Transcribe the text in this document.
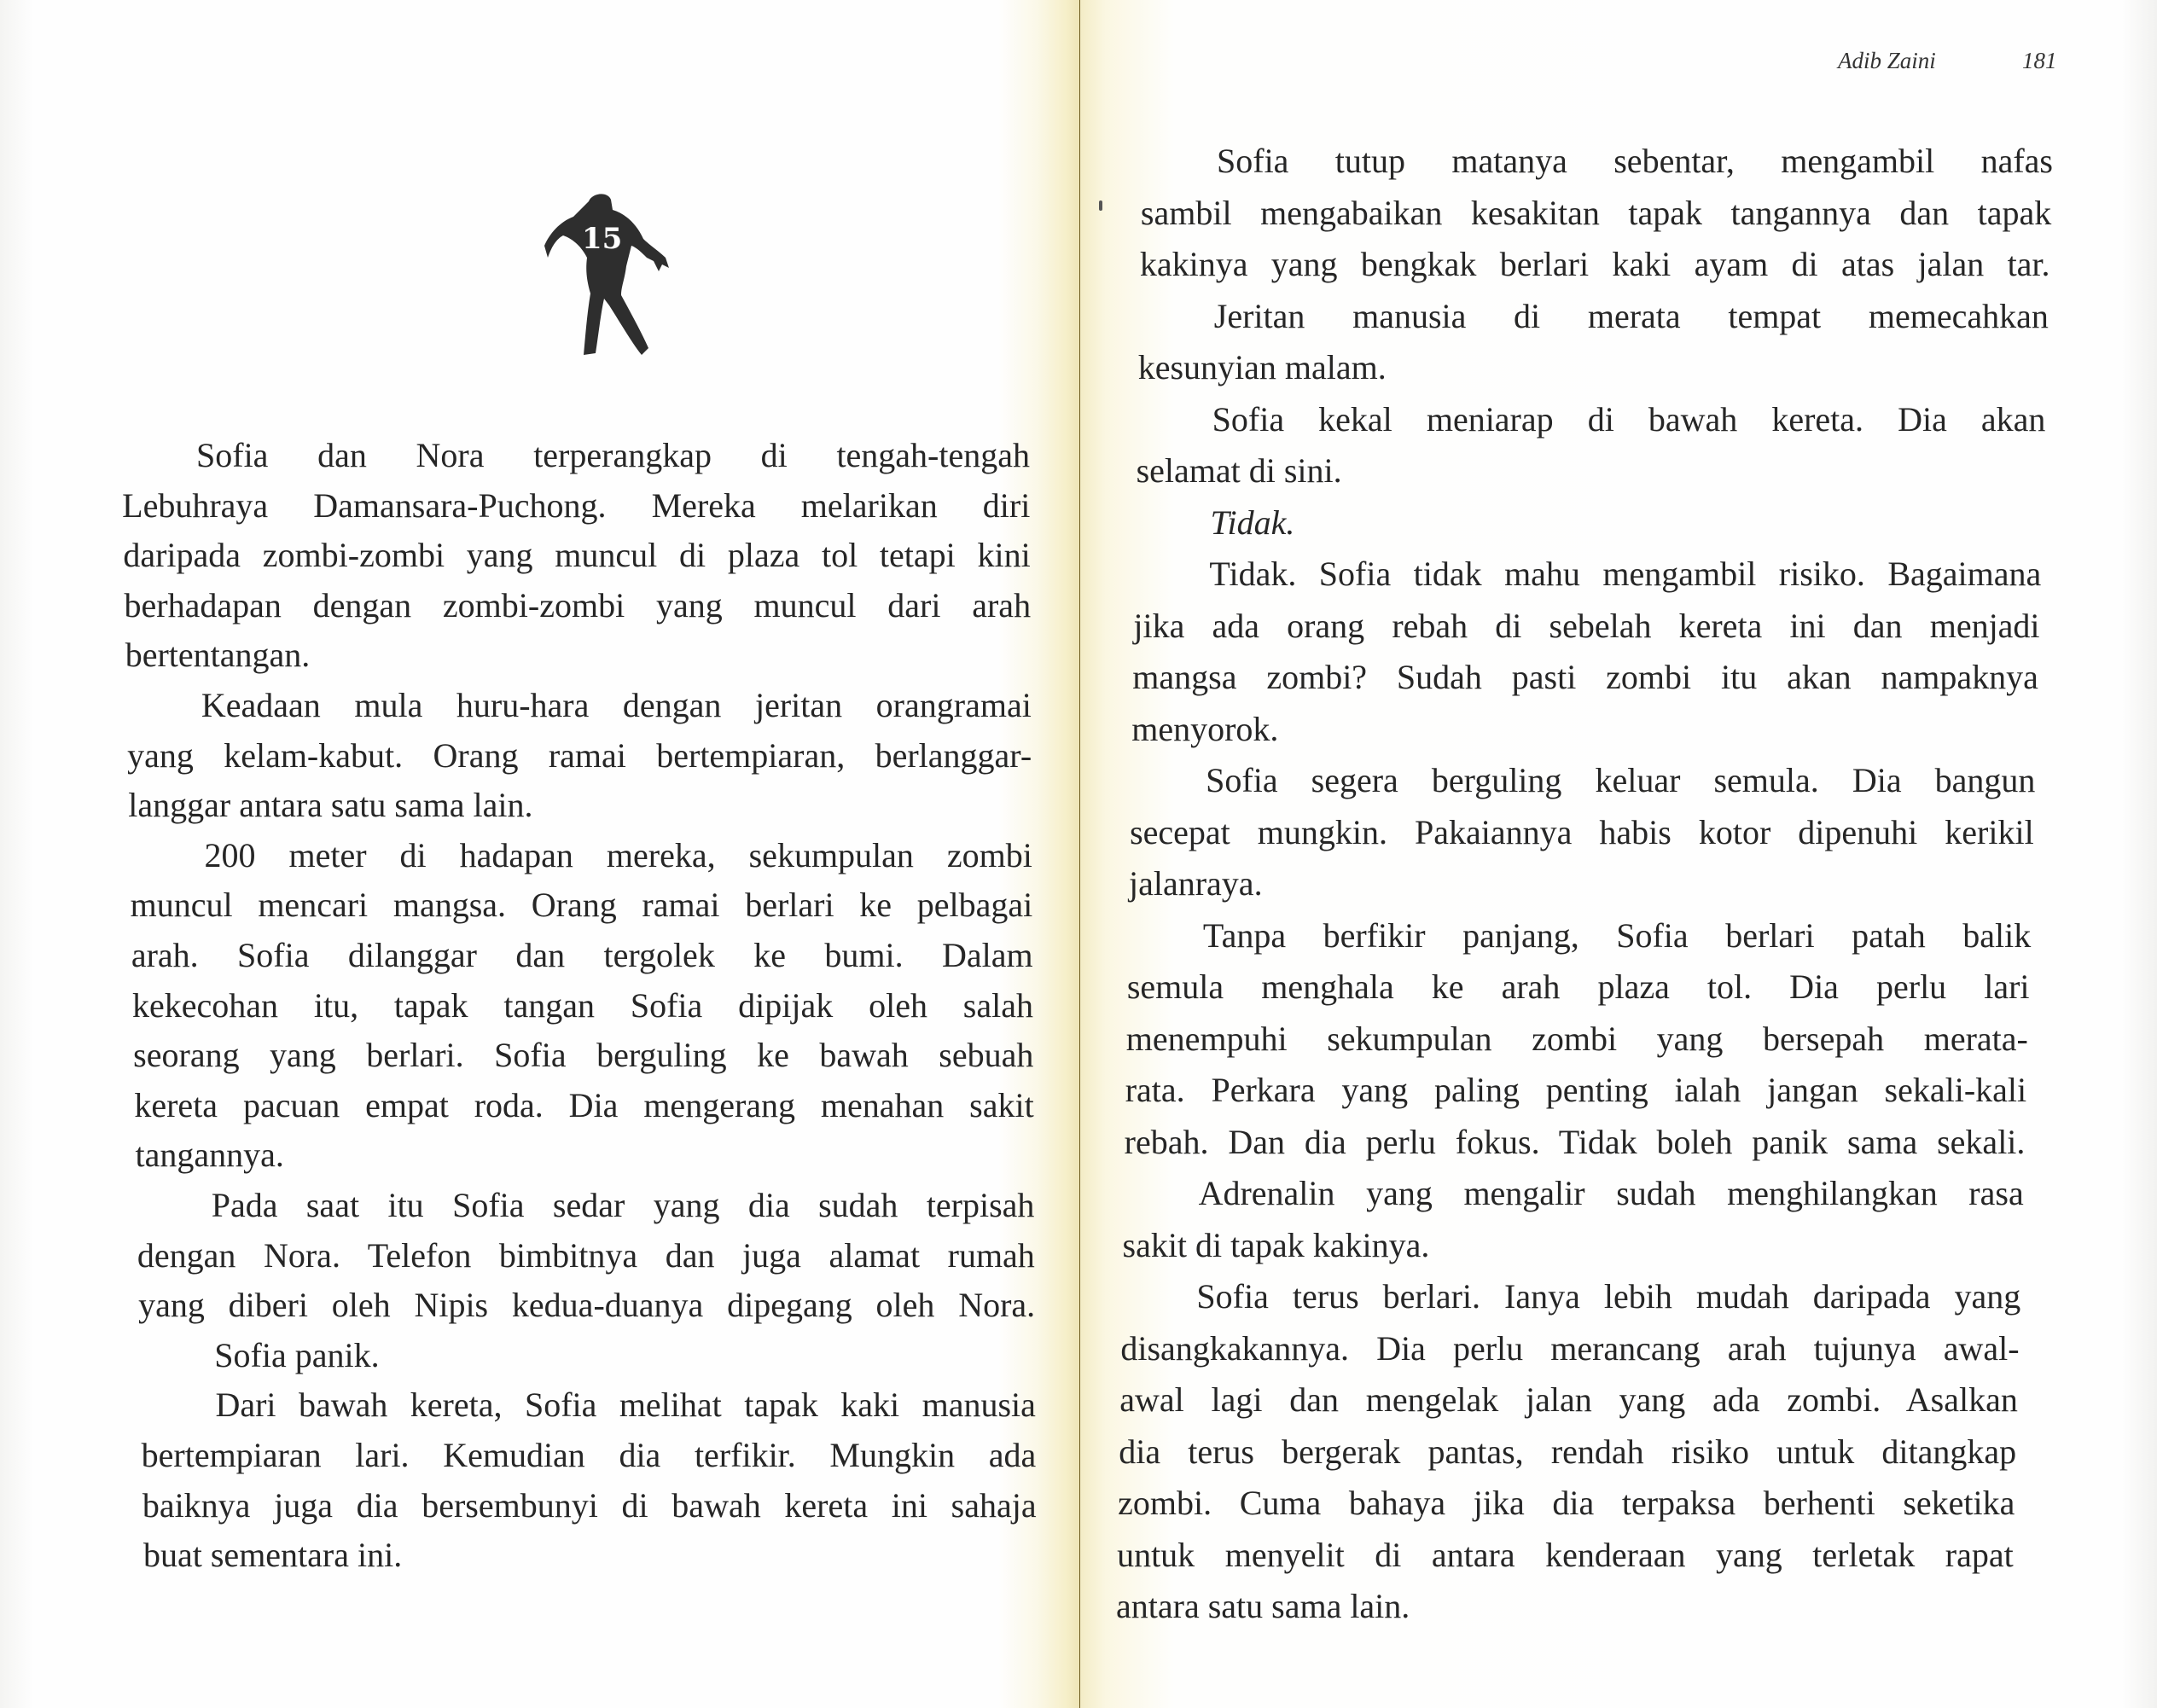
15
Sofia dan Nora terperangkap di tengah-tengah
Lebuhraya Damansara-Puchong. Mereka melarikan diri
daripada zombi-zombi yang muncul di plaza tol tetapi kini
berhadapan dengan zombi-zombi yang muncul dari arah
bertentangan.
Keadaan mula huru-hara dengan jeritan orangramai
yang kelam-kabut. Orang ramai bertempiaran, berlanggar-
langgar antara satu sama lain.
200 meter di hadapan mereka, sekumpulan zombi
muncul mencari mangsa. Orang ramai berlari ke pelbagai
arah. Sofia dilanggar dan tergolek ke bumi. Dalam
kekecohan itu, tapak tangan Sofia dipijak oleh salah
seorang yang berlari. Sofia berguling ke bawah sebuah
kereta pacuan empat roda. Dia mengerang menahan sakit
tangannya.
Pada saat itu Sofia sedar yang dia sudah terpisah
dengan Nora. Telefon bimbitnya dan juga alamat rumah
yang diberi oleh Nipis kedua-duanya dipegang oleh Nora.
Sofia panik.
Dari bawah kereta, Sofia melihat tapak kaki manusia
bertempiaran lari. Kemudian dia terfikir. Mungkin ada
baiknya juga dia bersembunyi di bawah kereta ini sahaja
buat sementara ini.
Adib Zaini	181
Sofia tutup matanya sebentar, mengambil nafas
sambil mengabaikan kesakitan tapak tangannya dan tapak
kakinya yang bengkak berlari kaki ayam di atas jalan tar.
Jeritan manusia di merata tempat memecahkan
kesunyian malam.
Sofia kekal meniarap di bawah kereta. Dia akan
selamat di sini.
Tidak.
Tidak. Sofia tidak mahu mengambil risiko. Bagaimana
jika ada orang rebah di sebelah kereta ini dan menjadi
mangsa zombi? Sudah pasti zombi itu akan nampaknya
menyorok.
Sofia segera berguling keluar semula. Dia bangun
secepat mungkin. Pakaiannya habis kotor dipenuhi kerikil
jalanraya.
Tanpa berfikir panjang, Sofia berlari patah balik
semula menghala ke arah plaza tol. Dia perlu lari
menempuhi sekumpulan zombi yang bersepah merata-
rata. Perkara yang paling penting ialah jangan sekali-kali
rebah. Dan dia perlu fokus. Tidak boleh panik sama sekali.
Adrenalin yang mengalir sudah menghilangkan rasa
sakit di tapak kakinya.
Sofia terus berlari. Ianya lebih mudah daripada yang
disangkakannya. Dia perlu merancang arah tujunya awal-
awal lagi dan mengelak jalan yang ada zombi. Asalkan
dia terus bergerak pantas, rendah risiko untuk ditangkap
zombi. Cuma bahaya jika dia terpaksa berhenti seketika
untuk menyelit di antara kenderaan yang terletak rapat
antara satu sama lain.
